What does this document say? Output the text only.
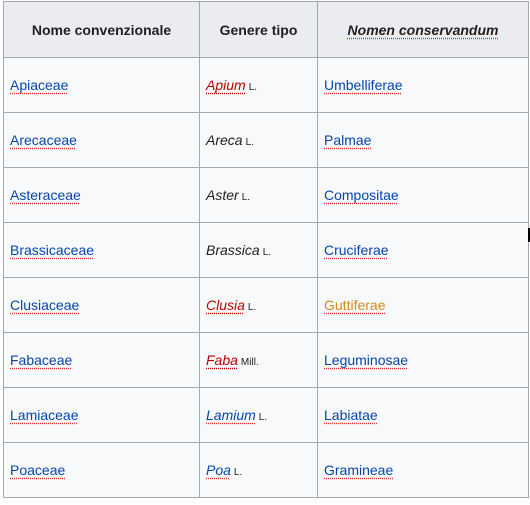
Nome convenzionale	Genere tipo	Nomen conservandum
Apiaceae	Apium L.	Umbelliferae
Arecaceae	Areca L.	Palmae
Asteraceae	Aster L.	Compositae
Brassicaceae	Brassica L.	Cruciferae
Clusiaceae	Clusia L.	Guttiferae
Fabaceae	Faba Mill.	Leguminosae
Lamiaceae	Lamium L.	Labiatae
Poaceae	Poa L.	Gramineae
